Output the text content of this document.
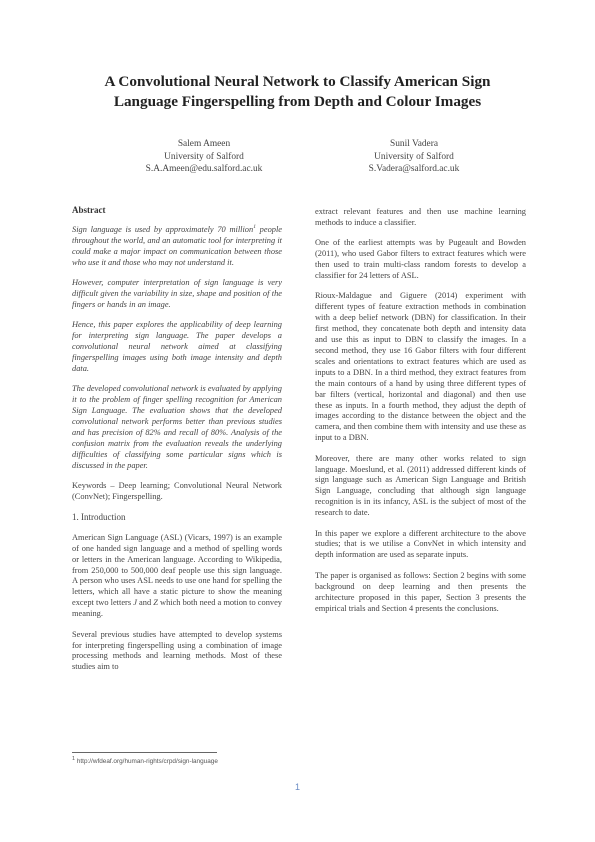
A Convolutional Neural Network to Classify American Sign
Language Fingerspelling from Depth and Colour Images
Salem Ameen
University of Salford
S.A.Ameen@edu.salford.ac.uk
Sunil Vadera
University of Salford
S.Vadera@salford.ac.uk

Abstract

Sign language is used by approximately 70 million$^1$ people throughout the world, and an automatic tool for interpreting it could make a major impact on communication between those who use it and those who may not understand it.

However, computer interpretation of sign language is very difficult given the variability in size, shape and position of the fingers or hands in an image.

Hence, this paper explores the applicability of deep learning for interpreting sign language. The paper develops a convolutional neural network aimed at classifying fingerspelling images using both image intensity and depth data.

The developed convolutional network is evaluated by applying it to the problem of finger spelling recognition for American Sign Language. The evaluation shows that the developed convolutional network performs better than previous studies and has precision of 82% and recall of 80%. Analysis of the confusion matrix from the evaluation reveals the underlying difficulties of classifying some particular signs which is discussed in the paper.

Keywords – Deep learning; Convolutional Neural Network (ConvNet); Fingerspelling.

1. Introduction

American Sign Language (ASL) (Vicars, 1997) is an example of one handed sign language and a method of spelling words or letters in the American language. According to Wikipedia, from 250,000 to 500,000 deaf people use this sign language. A person who uses ASL needs to use one hand for spelling the letters, which all have a static picture to show the meaning except two letters J and Z which both need a motion to convey meaning.

Several previous studies have attempted to develop systems for interpreting fingerspelling using a combination of image processing methods and learning methods. Most of these studies aim to

extract relevant features and then use machine learning methods to induce a classifier.

One of the earliest attempts was by Pugeault and Bowden (2011), who used Gabor filters to extract features which were then used to train multi-class random forests to develop a classifier for 24 letters of ASL.

Rioux-Maldague and Giguere (2014) experiment with different types of feature extraction methods in combination with a deep belief network (DBN) for classification. In their first method, they concatenate both depth and intensity data and use this as input to DBN to classify the images. In a second method, they use 16 Gabor filters with four different scales and orientations to extract features which are used as inputs to a DBN. In a third method, they extract features from the main contours of a hand by using three different types of bar filters (vertical, horizontal and diagonal) and then use these as inputs. In a fourth method, they adjust the depth of images according to the distance between the object and the camera, and then combine them with intensity and use these as input to a DBN.

Moreover, there are many other works related to sign language. Moeslund, et al. (2011) addressed different kinds of sign language such as American Sign Language and British Sign Language, concluding that although sign language recognition is in its infancy, ASL is the subject of most of the research to date.

In this paper we explore a different architecture to the above studies; that is we utilise a ConvNet in which intensity and depth information are used as separate inputs.

The paper is organised as follows: Section 2 begins with some background on deep learning and then presents the architecture proposed in this paper, Section 3 presents the empirical trials and Section 4 presents the conclusions.

1 http://wfdeaf.org/human-rights/crpd/sign-language
1
